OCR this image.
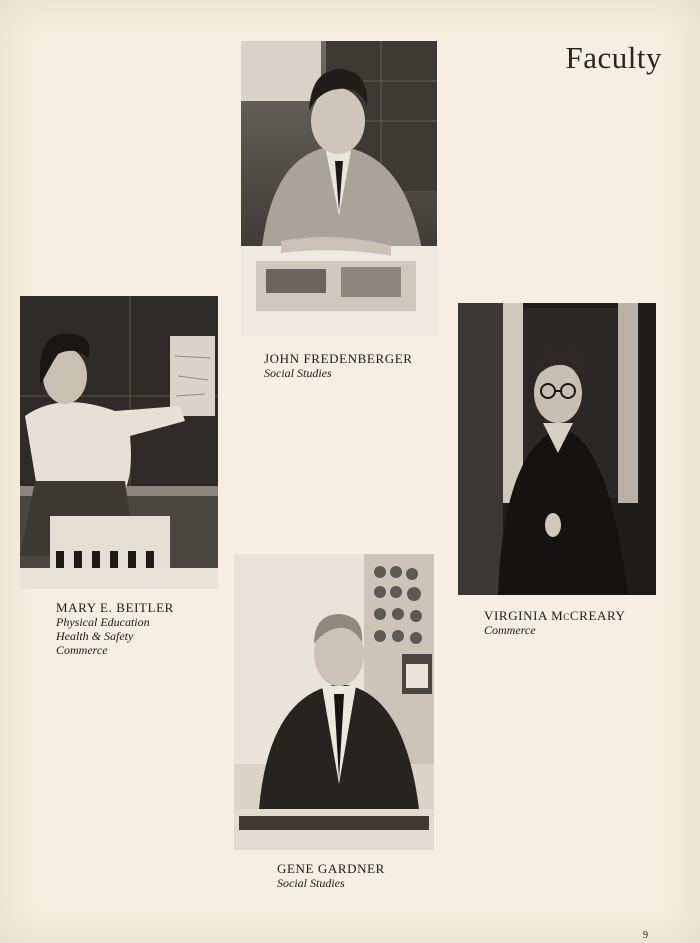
Faculty
JOHN FREDENBERGER
Social Studies
MARY E. BEITLER
Physical Education
Health & Safety
Commerce
VIRGINIA McCREARY
Commerce
GENE GARDNER
Social Studies
9
